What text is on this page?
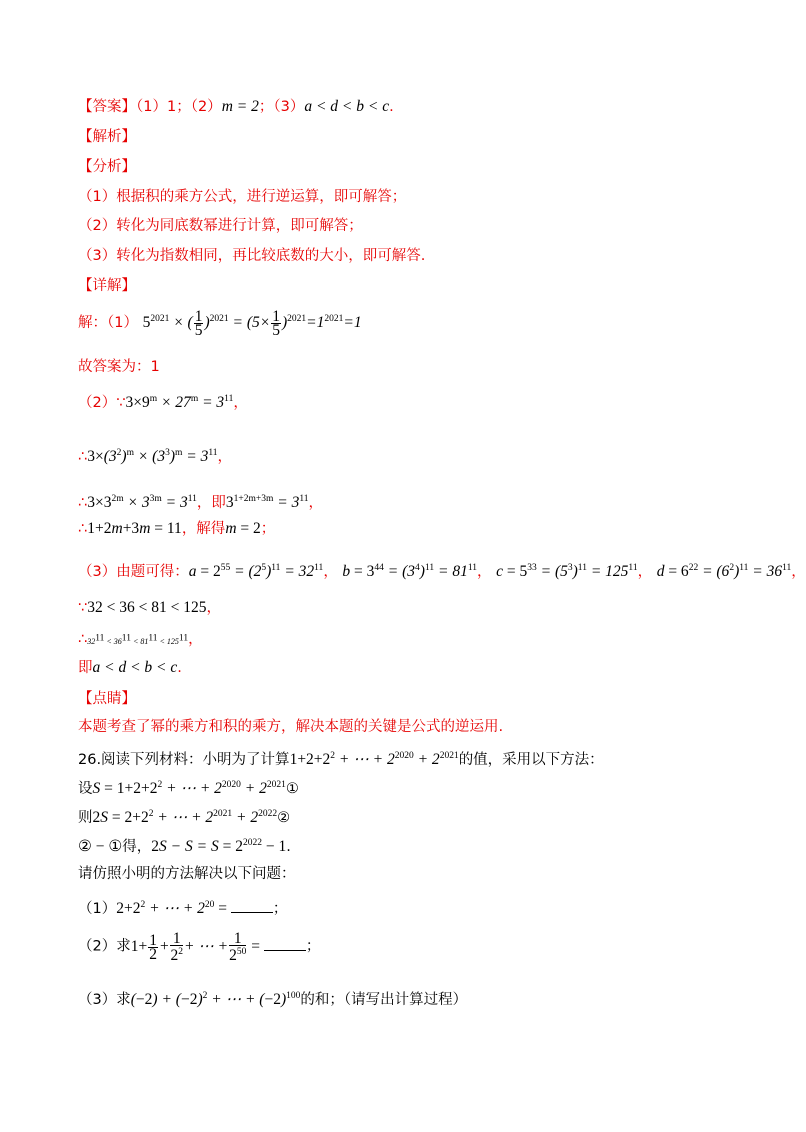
【答案】（1）1；（2）m = 2；（3）a < d < b < c.
【解析】
【分析】
（1）根据积的乘方公式，进行逆运算，即可解答；
（2）转化为同底数幂进行计算，即可解答；
（3）转化为指数相同，再比较底数的大小，即可解答.
【详解】
解：（1） $5^{2021}$ × ( $\frac{1}{5} )^{2021} = (5\times \frac{1}{5} )^{2021}=1^{2021}=1$
故答案为：1
$(2)\because 3\times 9^m \times 27^m = 3^{11}$，
$\therefore 3\times(3^2)^m \times (3^3)^m = 3^{11}$，
$\therefore 3\times 3^{2m} \times 3^{3m} = 3^{11}$，即$3^{1+2m+3m} = 3^{11}$，
∴1+2m+3m = 11，解得m = 2；
（3）由题可得：$a = 2^{55} = (2^5)^{11} = 32^{11}$， $b = 3^{44} = (3^4)^{11} = 81^{11}$， $c = 5^{33} = (5^3)^{11} = 125^{11}$， $d = 6^{22} = (6^2)^{11} = 36^{11}$，
∵32 < 36 < 81 < 125，
$\therefore 32^{11} < 36^{11} < 81^{11} < 125^{11}$，
即a < d < b < c.
【点睛】
本题考查了幂的乘方和积的乘方，解决本题的关键是公式的逆运用.
26.阅读下列材料：小明为了计算$1+2+2^2$ + ⋯ + $2^{2020} + 2^{2021}$的值，采用以下方法：
设$S = 1+2+2^2$ + ⋯ + $2^{2020}$ + $2^{2021}①$
则$2S = 2+2^2$ + ⋯ + $2^{2021}$ + $2^{2022}②$
② − ①得，$2S - S = S = 2^{2022} - 1$.
请仿照小明的方法解决以下问题：
$(1)2+2^2$ + ⋯ + $2^{20}$ =	；
（2）求$1+ \frac{1}{2} + \frac{1}{2^2}$ + ⋯ + $\frac{1}{2^{50}}$ =	；
（3）求$(-2) + (-2)^2$ + ⋯ + $(-2)^{100}$的和；（请写出计算过程）
